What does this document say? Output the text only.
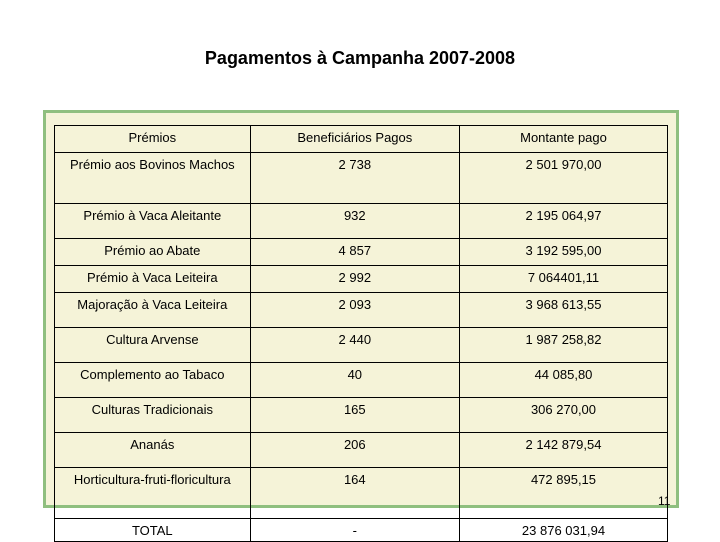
Pagamentos à Campanha 2007-2008
Prémios	Beneficiários Pagos	Montante pago
Prémio aos Bovinos Machos	2 738	2 501 970,00
Prémio à Vaca Aleitante	932	2 195 064,97
Prémio ao Abate	4 857	3 192 595,00
Prémio à Vaca Leiteira	2 992	7 064401,11
Majoração à Vaca Leiteira	2 093	3 968 613,55
Cultura Arvense	2 440	1 987 258,82
Complemento ao Tabaco	40	44 085,80
Culturas Tradicionais	165	306 270,00
Ananás	206	2 142 879,54
Horticultura-fruti-floricultura	164	472 895,15
TOTAL	-	23 876 031,94
11
